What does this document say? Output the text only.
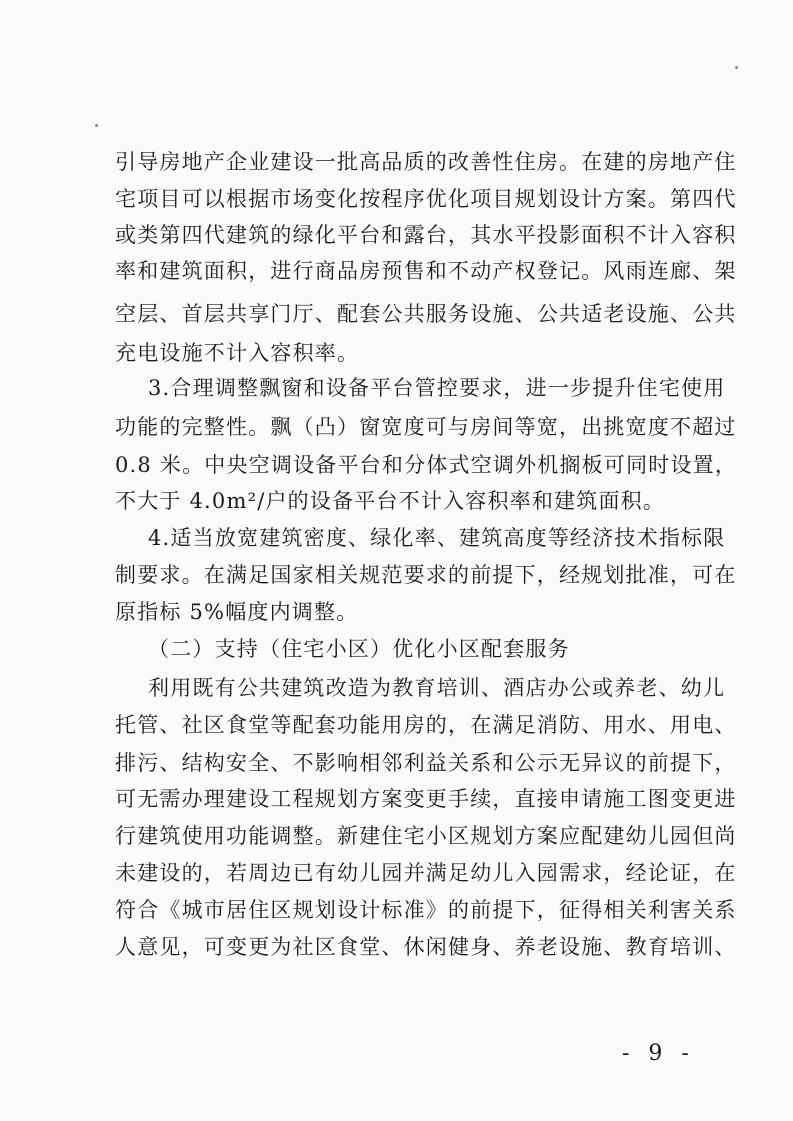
引导房地产企业建设一批高品质的改善性住房。在建的房地产住
宅项目可以根据市场变化按程序优化项目规划设计方案。第四代
或类第四代建筑的绿化平台和露台，其水平投影面积不计入容积
率和建筑面积，进行商品房预售和不动产权登记。风雨连廊、架
空层、首层共享门厅、配套公共服务设施、公共适老设施、公共
充电设施不计入容积率。
3.合理调整飘窗和设备平台管控要求，进一步提升住宅使用
功能的完整性。飘（凸）窗宽度可与房间等宽，出挑宽度不超过
0.8 米。中央空调设备平台和分体式空调外机搁板可同时设置，
不大于 4.0m²/户的设备平台不计入容积率和建筑面积。
4.适当放宽建筑密度、绿化率、建筑高度等经济技术指标限
制要求。在满足国家相关规范要求的前提下，经规划批准，可在
原指标 5%幅度内调整。
（二）支持（住宅小区）优化小区配套服务
利用既有公共建筑改造为教育培训、酒店办公或养老、幼儿
托管、社区食堂等配套功能用房的，在满足消防、用水、用电、
排污、结构安全、不影响相邻利益关系和公示无异议的前提下，
可无需办理建设工程规划方案变更手续，直接申请施工图变更进
行建筑使用功能调整。新建住宅小区规划方案应配建幼儿园但尚
未建设的，若周边已有幼儿园并满足幼儿入园需求，经论证，在
符合《城市居住区规划设计标准》的前提下，征得相关利害关系
人意见，可变更为社区食堂、休闲健身、养老设施、教育培训、
- 9 -
